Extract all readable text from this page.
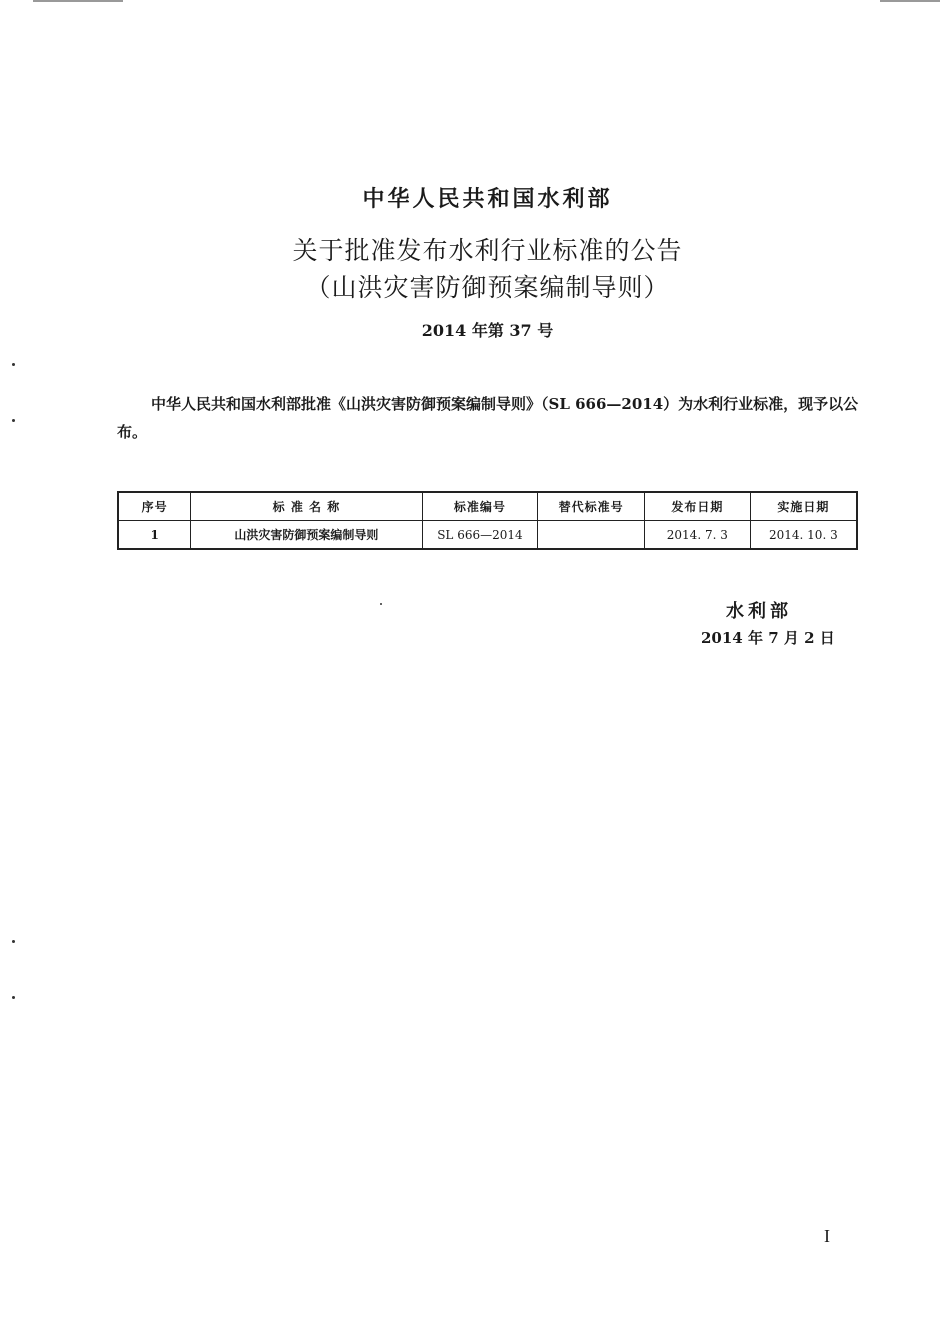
中华人民共和国水利部
关于批准发布水利行业标准的公告
（山洪灾害防御预案编制导则）
2014 年第 37 号
中华人民共和国水利部批准《山洪灾害防御预案编制导则》（SL 666—2014）为水利行业标准，现予以公布。
序号	标 准 名 称	标准编号	替代标准号	发布日期	实施日期
1	山洪灾害防御预案编制导则	SL 666—2014		2014. 7. 3	2014. 10. 3
水利部
2014 年 7 月 2 日
I
